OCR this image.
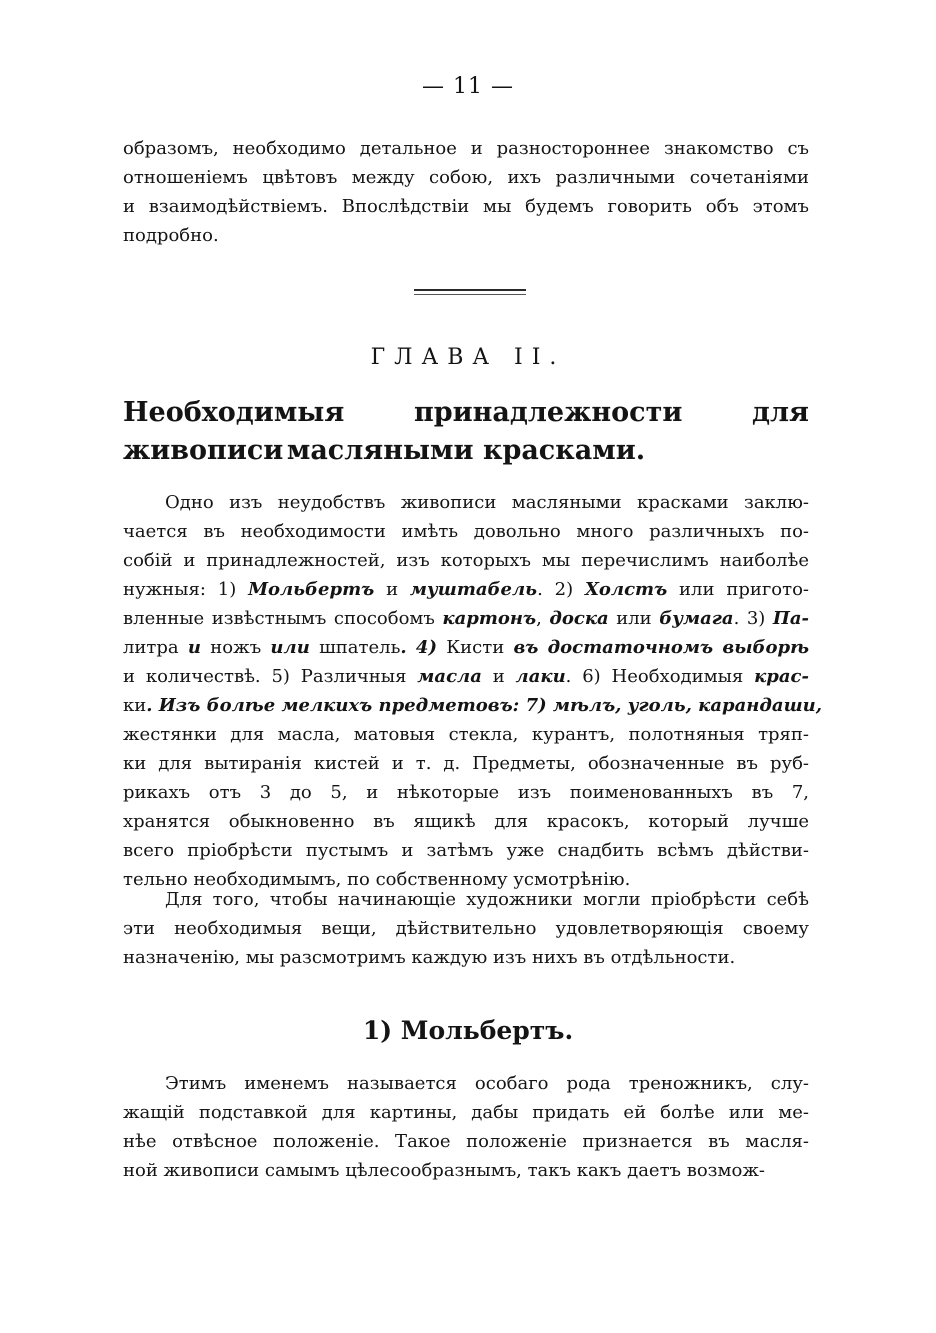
— 11 —
образомъ, необходимо детальное и разностороннее знакомство съ
отношеніемъ цвѣтовъ между собою, ихъ различными сочетаніями
и взаимодѣйствіемъ. Впослѣдствіи мы будемъ говорить объ этомъ
подробно.
ГЛАВА II.
Необходимыя принадлежности для живописи масляными красками.
Одно изъ неудобствъ живописи масляными красками заклю-
чается въ необходимости имѣть довольно много различныхъ по-
собій и принадлежностей, изъ которыхъ мы перечислимъ наиболѣе
нужныя: 1) Мольбертъ и муштабель. 2) Холстъ или пригото-
вленные извѣстнымъ способомъ картонъ, доска или бумага. 3) Па-
литра и ножъ или шпатель. 4) Кисти въ достаточномъ выборѣ
и количествѣ. 5) Различныя масла и лаки. 6) Необходимыя крас-
ки. Изъ болѣе мелкихъ предметовъ: 7) мѣлъ, уголь, карандаши,
жестянки для масла, матовыя стекла, курантъ, полотняныя тряп-
ки для вытиранія кистей и т. д. Предметы, обозначенные въ руб-
рикахъ отъ 3 до 5, и нѣкоторые изъ поименованныхъ въ 7,
хранятся обыкновенно въ ящикѣ для красокъ, который лучше
всего пріобрѣсти пустымъ и затѣмъ уже снадбить всѣмъ дѣйстви-
тельно необходимымъ, по собственному усмотрѣнію.
Для того, чтобы начинающіе художники могли пріобрѣсти себѣ
эти необходимыя вещи, дѣйствительно удовлетворяющія своему
назначенію, мы разсмотримъ каждую изъ нихъ въ отдѣльности.
1) Мольбертъ.
Этимъ именемъ называется особаго рода треножникъ, слу-
жащій подставкой для картины, дабы придать ей болѣе или ме-
нѣе отвѣсное положеніе. Такое положеніе признается въ масля-
ной живописи самымъ цѣлесообразнымъ, такъ какъ даетъ возмож-
